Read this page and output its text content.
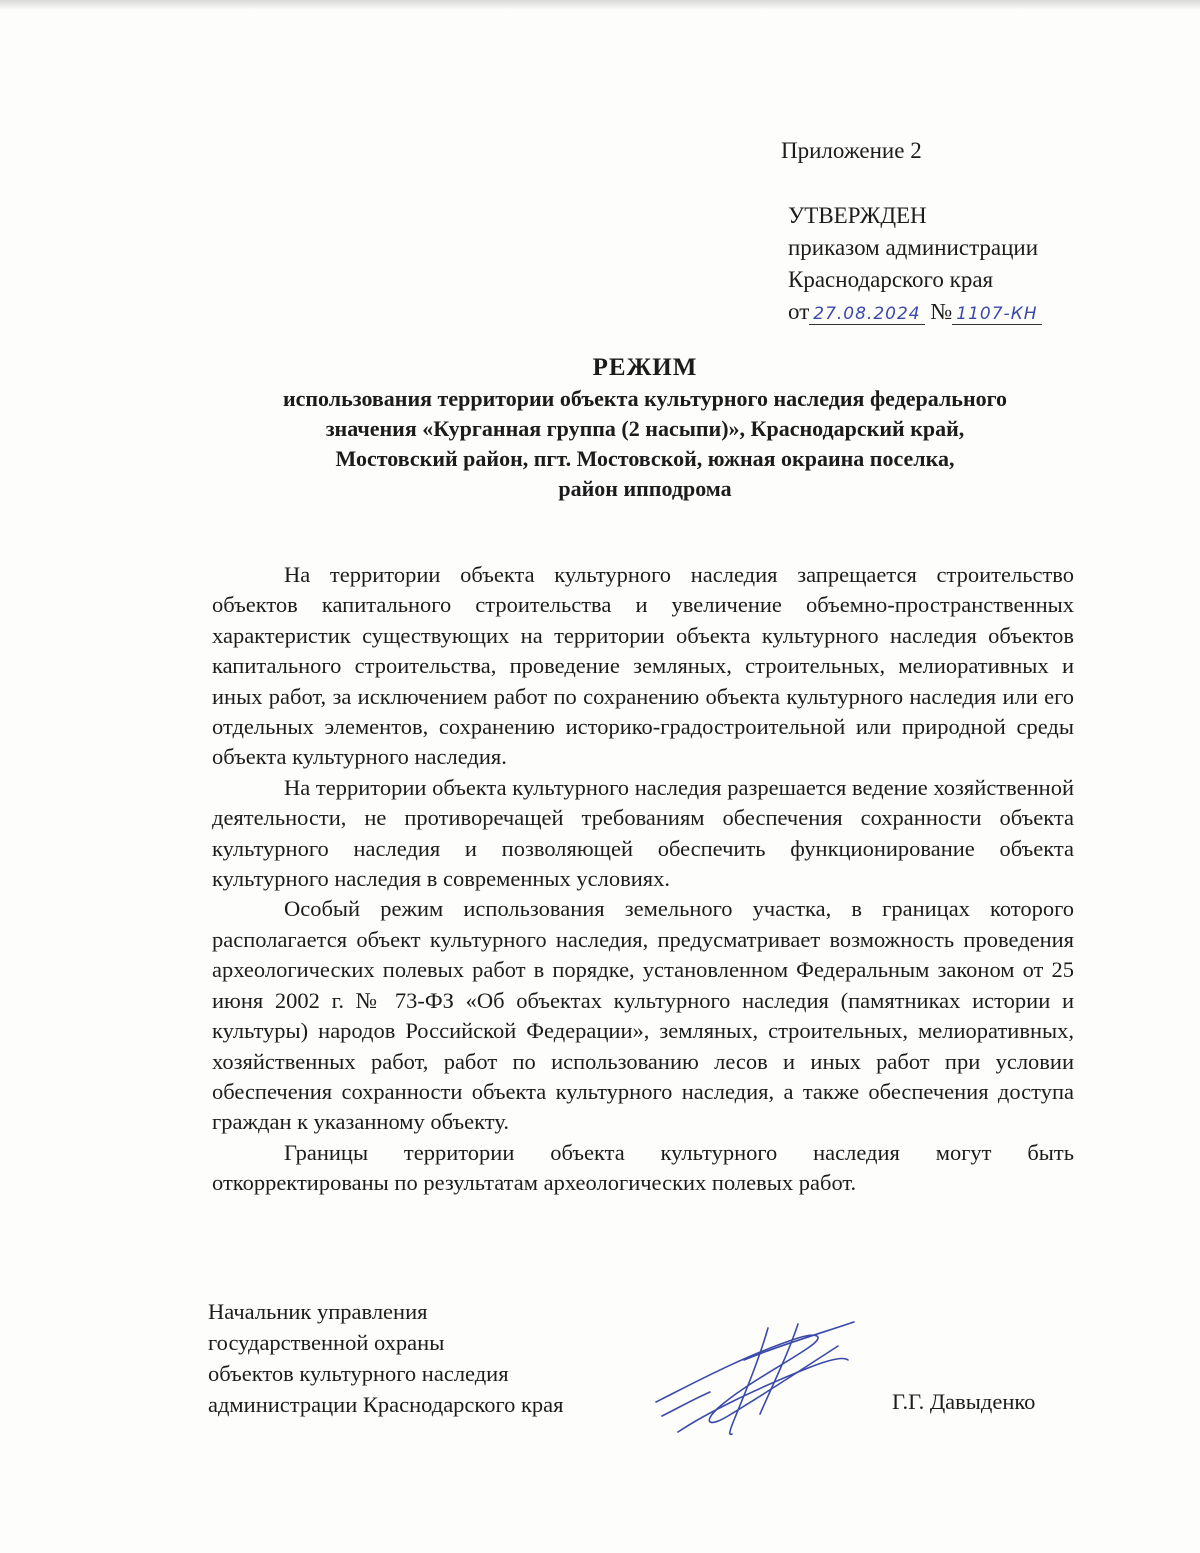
Приложение 2
УТВЕРЖДЕН
приказом администрации
Краснодарского края
от 27.08.2024 № 1107-КН
РЕЖИМ
использования территории объекта культурного наследия федерального
значения «Курганная группа (2 насыпи)», Краснодарский край,
Мостовский район, пгт. Мостовской, южная окраина поселка,
район ипподрома

На территории объекта культурного наследия запрещается строительство объектов капитального строительства и увеличение объемно-пространственных характеристик существующих на территории объекта культурного наследия объектов капитального строительства, проведение земляных, строительных, мелиоративных и иных работ, за исключением работ по сохранению объекта культурного наследия или его отдельных элементов, сохранению историко-градостроительной или природной среды объекта культурного наследия.

На территории объекта культурного наследия разрешается ведение хозяйственной деятельности, не противоречащей требованиям обеспечения сохранности объекта культурного наследия и позволяющей обеспечить функционирование объекта культурного наследия в современных условиях.

Особый режим использования земельного участка, в границах которого располагается объект культурного наследия, предусматривает возможность проведения археологических полевых работ в порядке, установленном Федеральным законом от 25 июня 2002 г. № 73-ФЗ «Об объектах культурного наследия (памятниках истории и культуры) народов Российской Федерации», земляных, строительных, мелиоративных, хозяйственных работ, работ по использованию лесов и иных работ при условии обеспечения сохранности объекта культурного наследия, а также обеспечения доступа граждан к указанному объекту.

Границы территории объекта культурного наследия могут быть откорректированы по результатам археологических полевых работ.

Начальник управления
государственной охраны
объектов культурного наследия
администрации Краснодарского края	Г.Г. Давыденко
